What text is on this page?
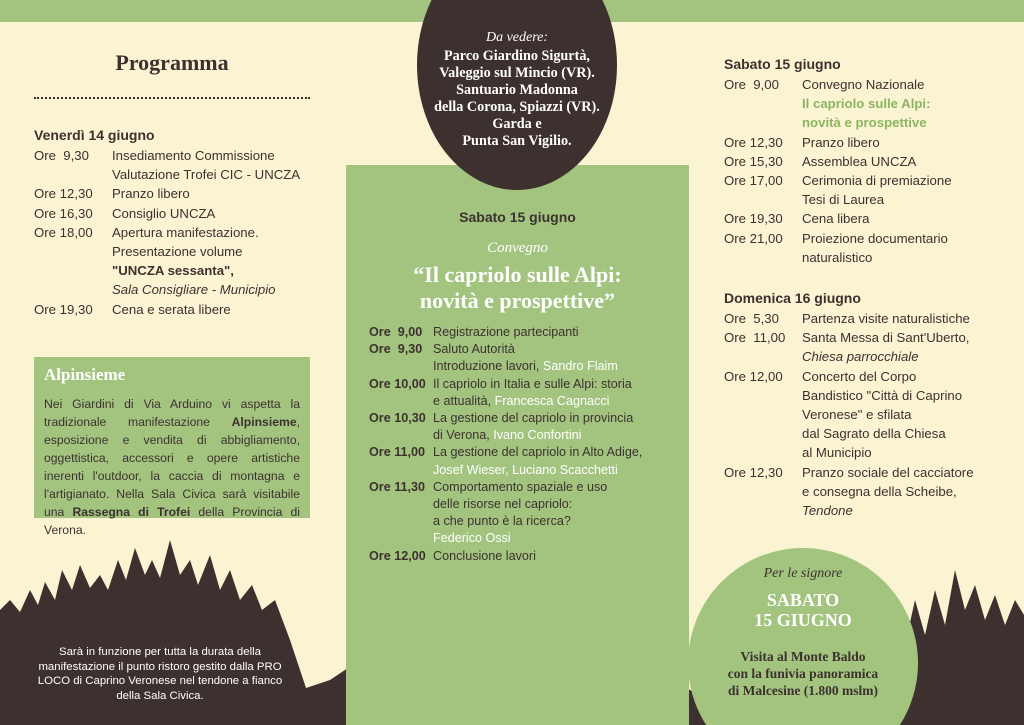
Programma
Venerdì 14 giugno
Ore  9,30	Insediamento Commissione
Valutazione Trofei CIC - UNCZA
Ore 12,30	Pranzo libero
Ore 16,30	Consiglio UNCZA
Ore 18,00	Apertura manifestazione.
Presentazione volume
"UNCZA sessanta",
Sala Consigliare - Municipio
Ore 19,30	Cena e serata libere
Alpinsieme
Nei Giardini di Via Arduino vi aspetta la tradizionale manifestazione Alpinsieme, esposizione e vendita di abbigliamento, oggettistica, accessori e opere artistiche inerenti l'outdoor, la caccia di montagna e l'artigianato. Nella Sala Civica sarà visitabile una Rassegna di Trofei della Provincia di Verona.
Sarà in funzione per tutta la durata della manifestazione il punto ristoro gestito dalla PRO LOCO di Caprino Veronese nel tendone a fianco della Sala Civica.
Da vedere:
Parco Giardino Sigurtà,
Valeggio sul Mincio (VR).
Santuario Madonna
della Corona, Spiazzi (VR).
Garda e
Punta San Vigilio.
Sabato 15 giugno
Convegno
“Il capriolo sulle Alpi:
novità e prospettive”
Ore  9,00 Registrazione partecipanti
Ore  9,30 Saluto Autorità
Introduzione lavori, Sandro Flaim
Ore 10,00 Il capriolo in Italia e sulle Alpi: storia
e attualità, Francesca Cagnacci
Ore 10,30 La gestione del capriolo in provincia
di Verona, Ivano Confortini
Ore 11,00 La gestione del capriolo in Alto Adige,
Josef Wieser, Luciano Scacchetti
Ore 11,30 Comportamento spaziale e uso
delle risorse nel capriolo:
a che punto è la ricerca?
Federico Ossi
Ore 12,00 Conclusione lavori
Sabato 15 giugno
Ore  9,00	Convegno Nazionale
Il capriolo sulle Alpi:
novità e prospettive
Ore 12,30	Pranzo libero
Ore 15,30	Assemblea UNCZA
Ore 17,00	Cerimonia di premiazione
Tesi di Laurea
Ore 19,30	Cena libera
Ore 21,00	Proiezione documentario
naturalistico
Domenica 16 giugno
Ore  5,30	Partenza visite naturalistiche
Ore  11,00	Santa Messa di Sant'Uberto,
Chiesa parrocchiale
Ore 12,00	Concerto del Corpo
Bandistico "Città di Caprino
Veronese" e sfilata
dal Sagrato della Chiesa
al Municipio
Ore 12,30	Pranzo sociale del cacciatore
e consegna della Scheibe,
Tendone
Per le signore
SABATO
15 GIUGNO
Visita al Monte Baldo
con la funivia panoramica
di Malcesine (1.800 mslm)
